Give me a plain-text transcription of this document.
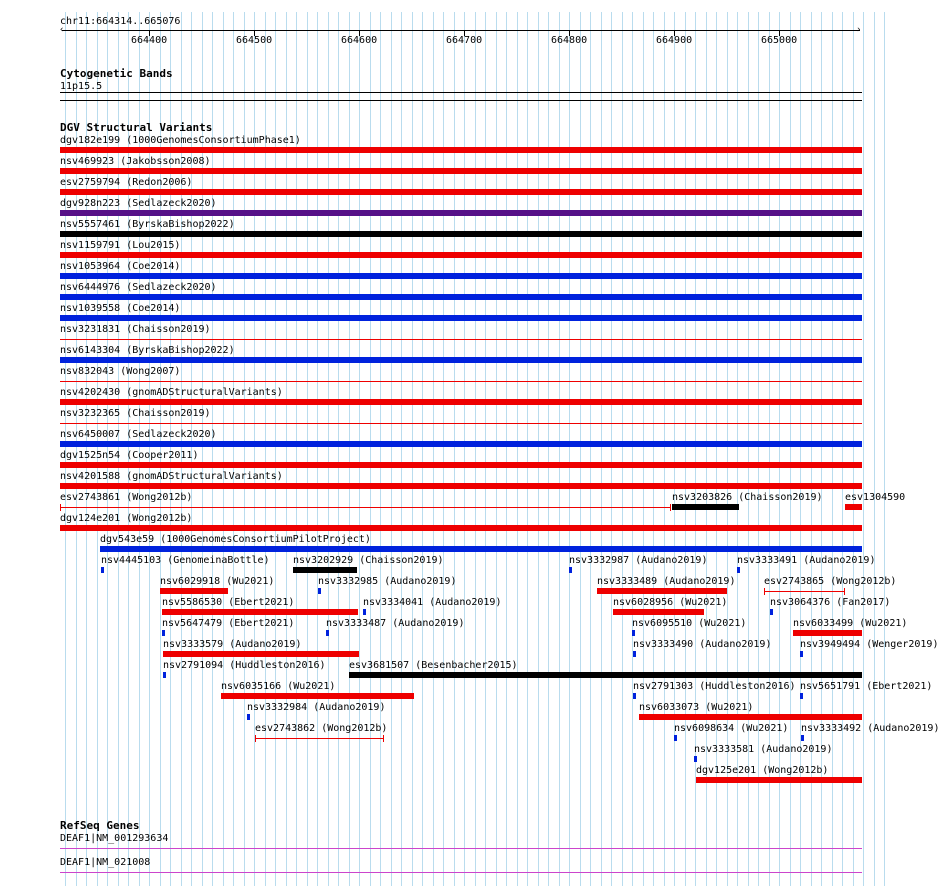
chr11:664314..665076
‹	›
664400	664500	664600	664700	664800	664900	665000
Cytogenetic Bands
11p15.5
DGV Structural Variants
dgv182e199 (1000GenomesConsortiumPhase1)
nsv469923 (Jakobsson2008)
esv2759794 (Redon2006)
dgv928n223 (Sedlazeck2020)
nsv5557461 (ByrskaBishop2022)
nsv1159791 (Lou2015)
nsv1053964 (Coe2014)
nsv6444976 (Sedlazeck2020)
nsv1039558 (Coe2014)
nsv3231831 (Chaisson2019)
nsv6143304 (ByrskaBishop2022)
nsv832043 (Wong2007)
nsv4202430 (gnomADStructuralVariants)
nsv3232365 (Chaisson2019)
nsv6450007 (Sedlazeck2020)
dgv1525n54 (Cooper2011)
nsv4201588 (gnomADStructuralVariants)
esv2743861 (Wong2012b)	nsv3203826 (Chaisson2019) esv1304590
dgv124e201 (Wong2012b)
dgv543e59 (1000GenomesConsortiumPilotProject)
nsv4445103 (GenomeinaBottle) nsv3202929 (Chaisson2019)	nsv3332987 (Audano2019)	nsv3333491 (Audano2019)
nsv6029918 (Wu2021)	nsv3332985 (Audano2019)	nsv3333489 (Audano2019)	esv2743865 (Wong2012b)
nsv5586530 (Ebert2021)	nsv3334041 (Audano2019)	nsv6028956 (Wu2021)	nsv3064376 (Fan2017)
nsv5647479 (Ebert2021)	nsv3333487 (Audano2019)	nsv6095510 (Wu2021)	nsv6033499 (Wu2021)
nsv3333579 (Audano2019)	nsv3333490 (Audano2019)	nsv3949494 (Wenger2019)
nsv2791094 (Huddleston2016) esv3681507 (Besenbacher2015)
nsv6035166 (Wu2021)	nsv2791303 (Huddleston2016) nsv5651791 (Ebert2021)
nsv3332984 (Audano2019)	nsv6033073 (Wu2021)
esv2743862 (Wong2012b)	nsv6098634 (Wu2021) nsv3333492 (Audano2019)
nsv3333581 (Audano2019)
dgv125e201 (Wong2012b)
RefSeq Genes
DEAF1|NM_001293634
DEAF1|NM_021008
